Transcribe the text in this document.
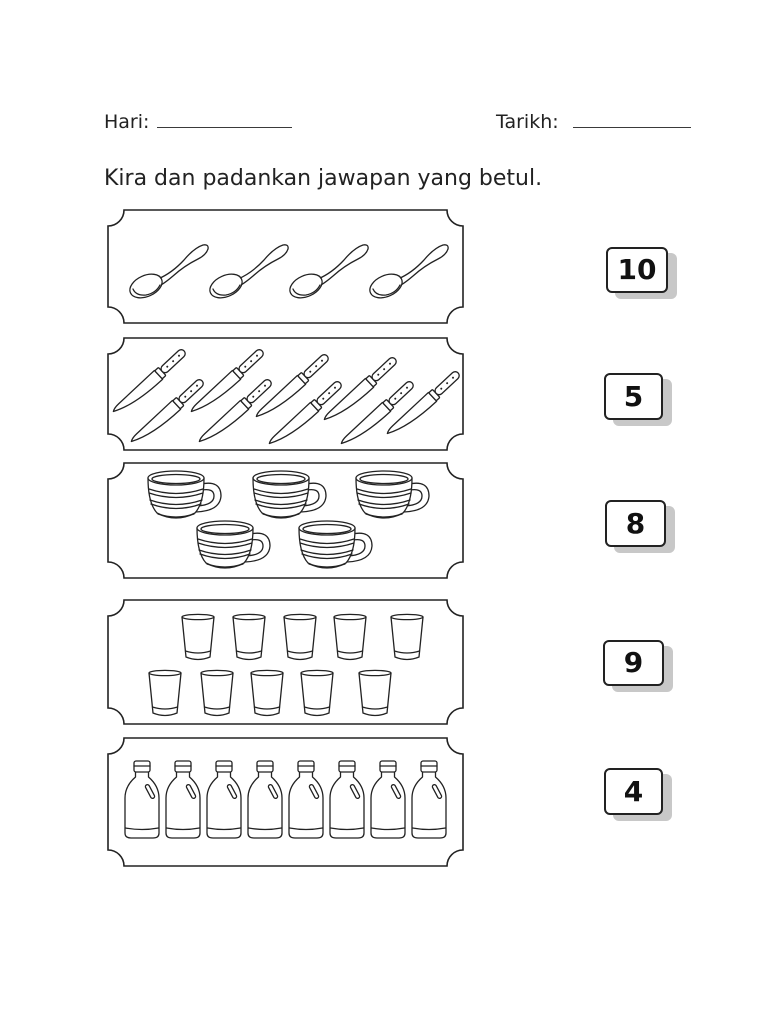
Hari:	Tarikh:
Kira dan padankan jawapan yang betul.
10
5
8
9
4
